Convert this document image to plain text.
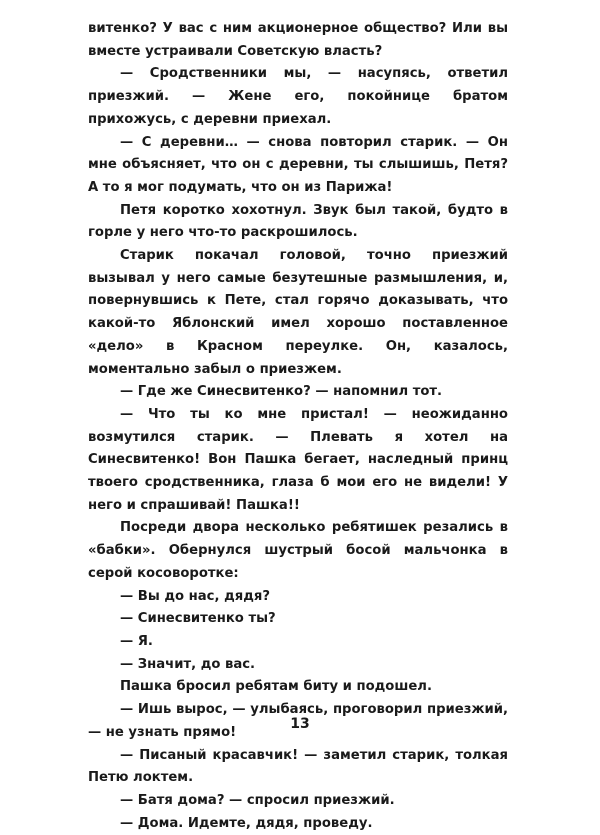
витенко? У вас с ним акционерное общество? Или вы вместе устраивали Советскую власть?

— Сродственники мы, — насупясь, ответил приезжий. — Жене его, покойнице братом прихожусь, с деревни приехал.

— С деревни… — снова повторил старик. — Он мне объясняет, что он с деревни, ты слышишь, Петя? А то я мог подумать, что он из Парижа!

Петя коротко хохотнул. Звук был такой, будто в горле у него что-то раскрошилось.

Старик покачал головой, точно приезжий вызывал у него самые безутешные размышления, и, повернувшись к Пете, стал горячо доказывать, что какой-то Яблонский имел хорошо поставленное «дело» в Красном переулке. Он, казалось, моментально забыл о приезжем.

— Где же Синесвитенко? — напомнил тот.

— Что ты ко мне пристал! — неожиданно возмутился старик. — Плевать я хотел на Синесвитенко! Вон Пашка бегает, наследный принц твоего сродственника, глаза б мои его не видели! У него и спрашивай! Пашка!!

Посреди двора несколько ребятишек резались в «бабки». Обернулся шустрый босой мальчонка в серой косоворотке:

— Вы до нас, дядя?

— Синесвитенко ты?

— Я.

— Значит, до вас.

Пашка бросил ребятам биту и подошел.

— Ишь вырос, — улыбаясь, проговорил приезжий,— не узнать прямо!

— Писаный красавчик! — заметил старик, толкая Петю локтем.

— Батя дома? — спросил приезжий.

— Дома. Идемте, дядя, проведу.

13
